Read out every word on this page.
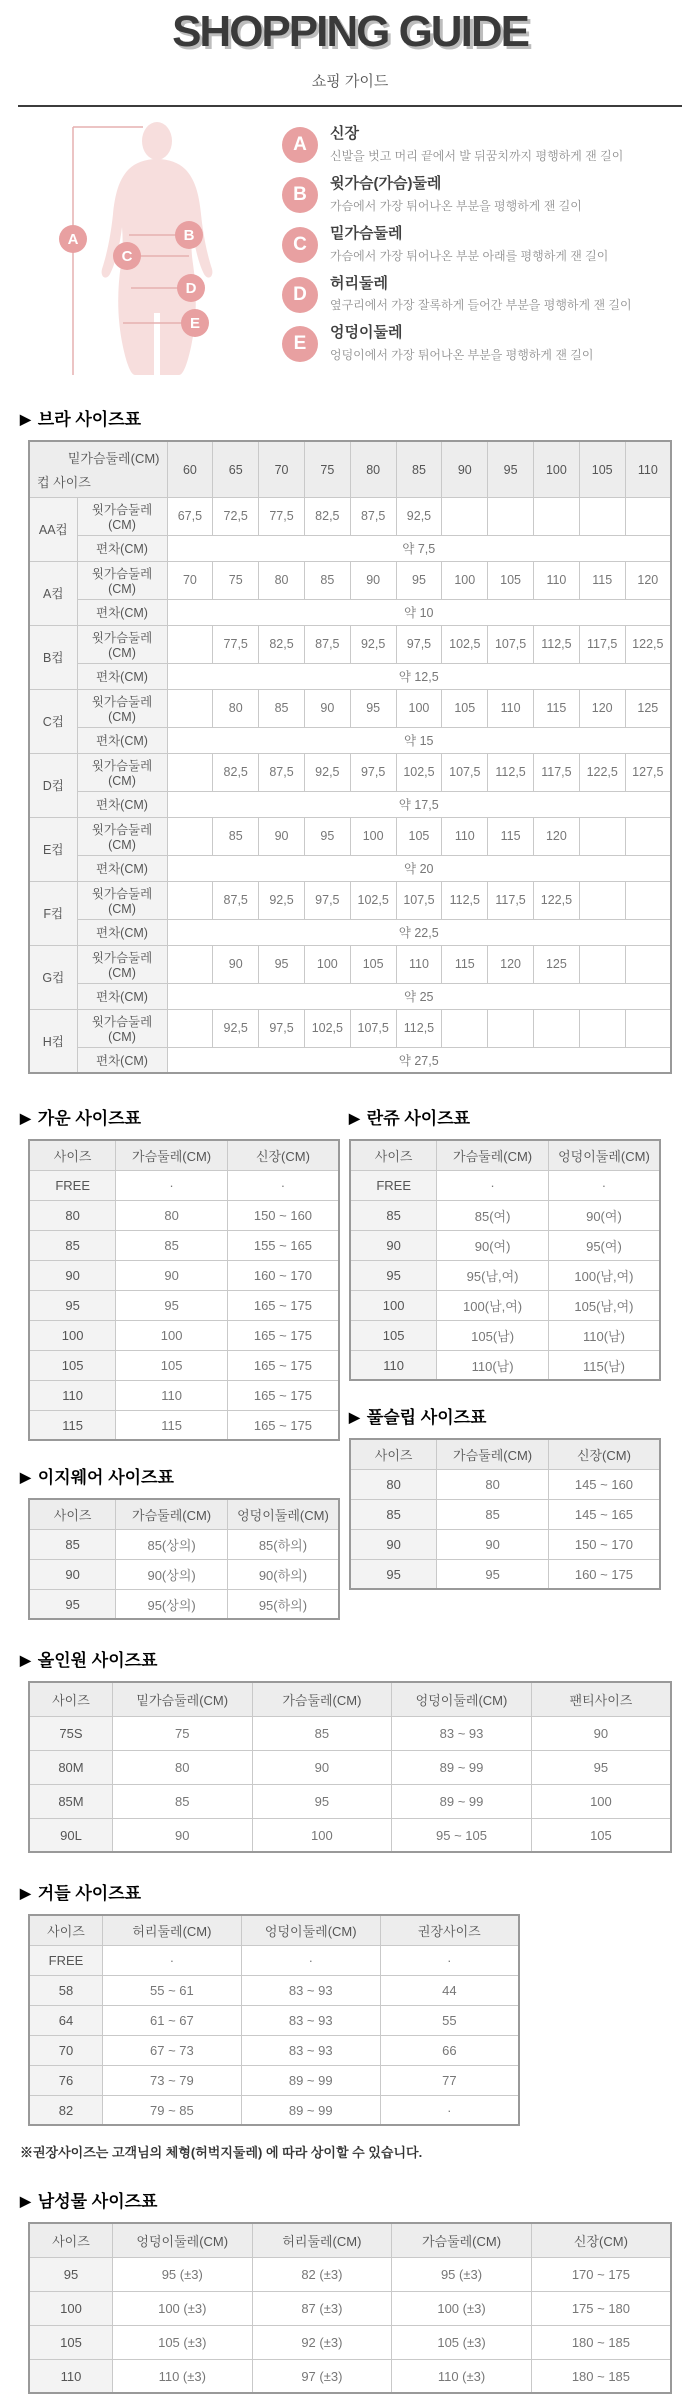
SHOPPING GUIDE
쇼핑 가이드
A	B
C
D
E
A
신장
신발을 벗고 머리 끝에서 발 뒤꿈치까지 평행하게 잰 길이
B
윗가슴(가슴)둘레
가슴에서 가장 튀어나온 부분을 평행하게 잰 길이
C
밑가슴둘레
가슴에서 가장 튀어나온 부분 아래를 평행하게 잰 길이
D
허리둘레
옆구리에서 가장 잘록하게 들어간 부분을 평행하게 잰 길이
E
엉덩이둘레
엉덩이에서 가장 튀어나온 부분을 평행하게 잰 길이
▶ 브라 사이즈표
밑가슴둘레(CM)
컵 사이즈		60	65	70	75	80	85	90	95	100	105	110
AA컵	윗가슴둘레(CM)	67,5	72,5	77,5	82,5	87,5	92,5					
	편차(CM)	약 7,5										
A컵	윗가슴둘레(CM)	70	75	80	85	90	95	100	105	110	115	120
	편차(CM)	약 10										
B컵	윗가슴둘레(CM)		77,5	82,5	87,5	92,5	97,5	102,5	107,5	112,5	117,5	122,5
	편차(CM)	약 12,5										
C컵	윗가슴둘레(CM)		80	85	90	95	100	105	110	115	120	125
	편차(CM)	약 15										
D컵	윗가슴둘레(CM)		82,5	87,5	92,5	97,5	102,5	107,5	112,5	117,5	122,5	127,5
	편차(CM)	약 17,5										
E컵	윗가슴둘레(CM)		85	90	95	100	105	110	115	120		
	편차(CM)	약 20										
F컵	윗가슴둘레(CM)		87,5	92,5	97,5	102,5	107,5	112,5	117,5	122,5		
	편차(CM)	약 22,5										
G컵	윗가슴둘레(CM)		90	95	100	105	110	115	120	125		
	편차(CM)	약 25										
H컵	윗가슴둘레(CM)		92,5	97,5	102,5	107,5	112,5					
	편차(CM)	약 27,5										
▶ 가운 사이즈표
사이즈	가슴둘레(CM)	신장(CM)
FREE	·	·
80	80	150 ~ 160
85	85	155 ~ 165
90	90	160 ~ 170
95	95	165 ~ 175
100	100	165 ~ 175
105	105	165 ~ 175
110	110	165 ~ 175
115	115	165 ~ 175
▶ 이지웨어 사이즈표
사이즈	가슴둘레(CM)	엉덩이둘레(CM)
85	85(상의)	85(하의)
90	90(상의)	90(하의)
95	95(상의)	95(하의)
▶ 란쥬 사이즈표
사이즈	가슴둘레(CM)	엉덩이둘레(CM)
FREE	·	·
85	85(여)	90(여)
90	90(여)	95(여)
95	95(남,여)	100(남,여)
100	100(남,여)	105(남,여)
105	105(남)	110(남)
110	110(남)	115(남)
▶ 풀슬립 사이즈표
사이즈	가슴둘레(CM)	신장(CM)
80	80	145 ~ 160
85	85	145 ~ 165
90	90	150 ~ 170
95	95	160 ~ 175
▶ 올인원 사이즈표
사이즈	밑가슴둘레(CM)	가슴둘레(CM)	엉덩이둘레(CM)	팬티사이즈
75S	75	85	83 ~ 93	90
80M	80	90	89 ~ 99	95
85M	85	95	89 ~ 99	100
90L	90	100	95 ~ 105	105
▶ 거들 사이즈표
사이즈	허리둘레(CM)	엉덩이둘레(CM)	권장사이즈
FREE	·	·	·
58	55 ~ 61	83 ~ 93	44
64	61 ~ 67	83 ~ 93	55
70	67 ~ 73	83 ~ 93	66
76	73 ~ 79	89 ~ 99	77
82	79 ~ 85	89 ~ 99	·
※권장사이즈는 고객님의 체형(허벅지둘레) 에 따라 상이할 수 있습니다.
▶ 남성물 사이즈표
사이즈	엉덩이둘레(CM)	허리둘레(CM)	가슴둘레(CM)	신장(CM)
95	95 (±3)	82 (±3)	95 (±3)	170 ~ 175
100	100 (±3)	87 (±3)	100 (±3)	175 ~ 180
105	105 (±3)	92 (±3)	105 (±3)	180 ~ 185
110	110 (±3)	97 (±3)	110 (±3)	180 ~ 185
